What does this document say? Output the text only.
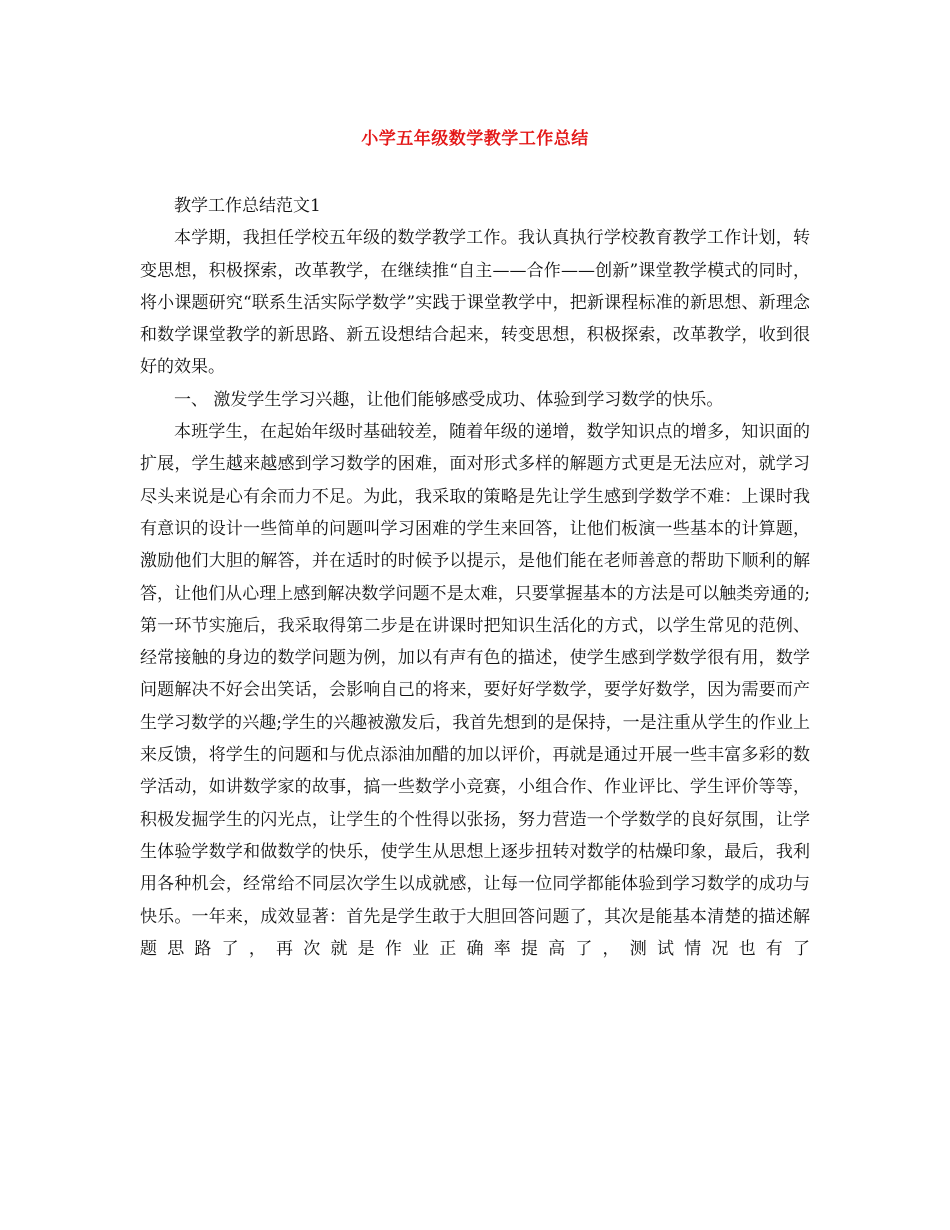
小学五年级数学教学工作总结

教学工作总结范文1

本学期，我担任学校五年级的数学教学工作。我认真执行学校教育教学工作计划，转变思想，积极探索，改革教学，在继续推“自主——合作——创新”课堂教学模式的同时，将小课题研究“联系生活实际学数学”实践于课堂教学中，把新课程标准的新思想、新理念和数学课堂教学的新思路、新五设想结合起来，转变思想，积极探索，改革教学，收到很好的效果。

一、 激发学生学习兴趣，让他们能够感受成功、体验到学习数学的快乐。

本班学生，在起始年级时基础较差，随着年级的递增，数学知识点的增多，知识面的扩展，学生越来越感到学习数学的困难，面对形式多样的解题方式更是无法应对，就学习尽头来说是心有余而力不足。为此，我采取的策略是先让学生感到学数学不难：上课时我有意识的设计一些简单的问题叫学习困难的学生来回答，让他们板演一些基本的计算题，激励他们大胆的解答，并在适时的时候予以提示，是他们能在老师善意的帮助下顺利的解答，让他们从心理上感到解决数学问题不是太难，只要掌握基本的方法是可以触类旁通的;第一环节实施后，我采取得第二步是在讲课时把知识生活化的方式，以学生常见的范例、经常接触的身边的数学问题为例，加以有声有色的描述，使学生感到学数学很有用，数学问题解决不好会出笑话，会影响自己的将来，要好好学数学，要学好数学，因为需要而产生学习数学的兴趣;学生的兴趣被激发后，我首先想到的是保持，一是注重从学生的作业上来反馈，将学生的问题和与优点添油加醋的加以评价，再就是通过开展一些丰富多彩的数学活动，如讲数学家的故事，搞一些数学小竞赛，小组合作、作业评比、学生评价等等，积极发掘学生的闪光点，让学生的个性得以张扬，努力营造一个学数学的良好氛围，让学生体验学数学和做数学的快乐，使学生从思想上逐步扭转对数学的枯燥印象，最后，我利用各种机会，经常给不同层次学生以成就感，让每一位同学都能体验到学习数学的成功与快乐。一年来，成效显著：首先是学生敢于大胆回答问题了，其次是能基本清楚的描述解题思路了，再次就是作业正确率提高了，测试情况也有了
